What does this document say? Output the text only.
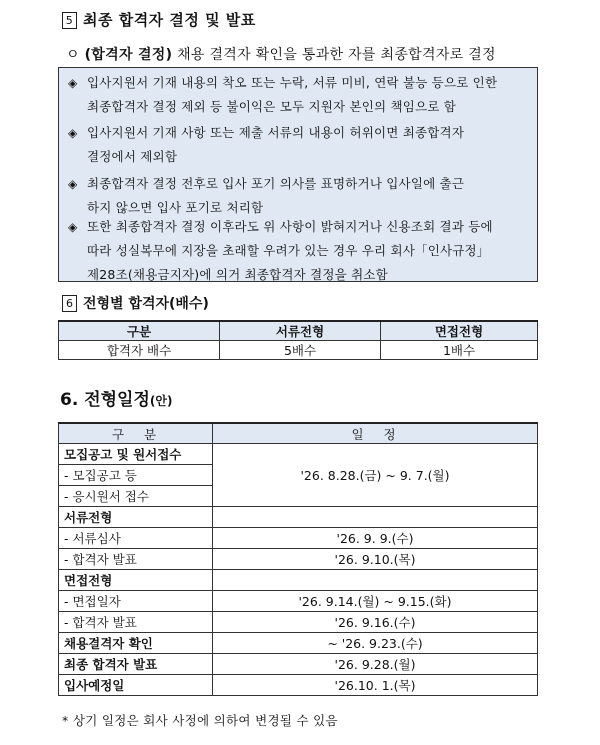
5 최종 합격자 결정 및 발표
ㅇ (합격자 결정) 채용 결격자 확인을 통과한 자를 최종합격자로 결정
◈ 입사지원서 기재 내용의 착오 또는 누락, 서류 미비, 연락 불능 등으로 인한
최종합격자 결정 제외 등 불이익은 모두 지원자 본인의 책임으로 함
◈ 입사지원서 기재 사항 또는 제출 서류의 내용이 허위이면 최종합격자
결정에서 제외함
◈ 최종합격자 결정 전후로 입사 포기 의사를 표명하거나 입사일에 출근
하지 않으면 입사 포기로 처리함
◈ 또한 최종합격자 결정 이후라도 위 사항이 밝혀지거나 신용조회 결과 등에
따라 성실복무에 지장을 초래할 우려가 있는 경우 우리 회사「인사규정」
제28조(채용금지자)에 의거 최종합격자 결정을 취소함
6 전형별 합격자(배수)
구분	서류전형	면접전형
합격자 배수	5배수	1배수
6. 전형일정(안)
구 분	일 정
모집공고 및 원서접수	'26. 8.28.(금) ~ 9. 7.(월)
- 모집공고 등	
- 응시원서 접수	
서류전형	
- 서류심사	'26. 9. 9.(수)
- 합격자 발표	'26. 9.10.(목)
면접전형	
- 면접일자	'26. 9.14.(월) ~ 9.15.(화)
- 합격자 발표	'26. 9.16.(수)
채용결격자 확인	~ '26. 9.23.(수)
최종 합격자 발표	'26. 9.28.(월)
입사예정일	'26.10. 1.(목)
* 상기 일정은 회사 사정에 의하여 변경될 수 있음
